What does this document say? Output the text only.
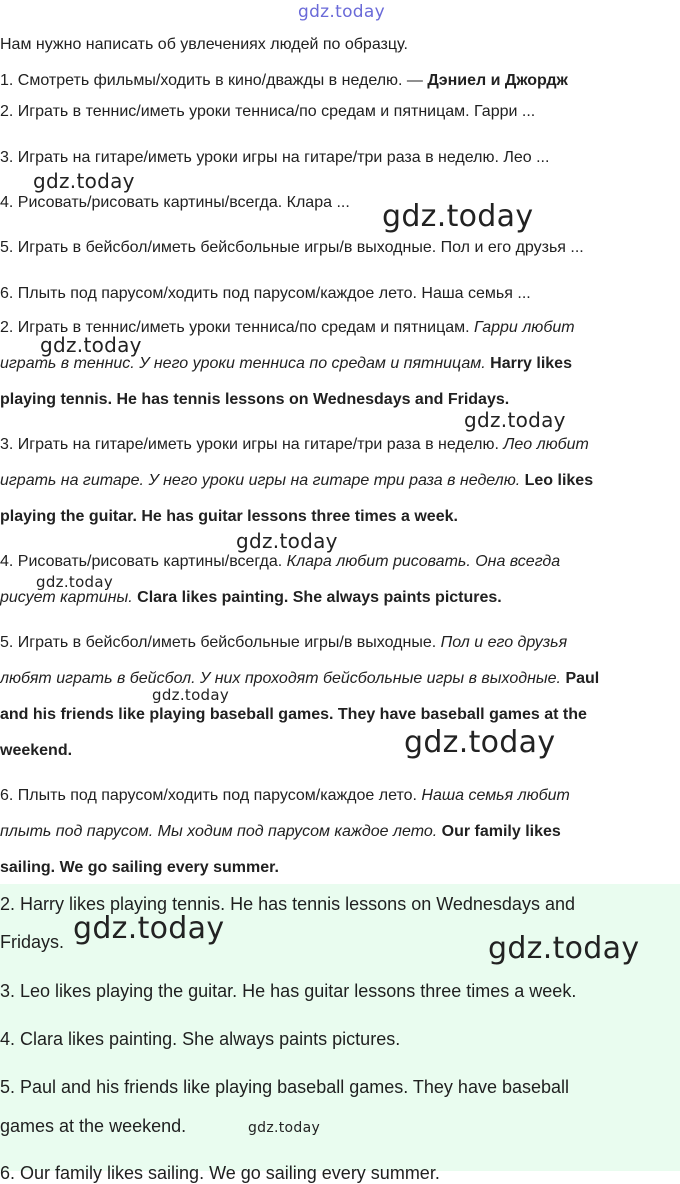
gdz.today
Нам нужно написать об увлечениях людей по образцу.
1. Смотреть фильмы/ходить в кино/дважды в неделю. — Дэниел и Джордж
2. Играть в теннис/иметь уроки тенниса/по средам и пятницам. Гарри ...
3. Играть на гитаре/иметь уроки игры на гитаре/три раза в неделю. Лео ...
4. Рисовать/рисовать картины/всегда. Клара ...
5. Играть в бейсбол/иметь бейсбольные игры/в выходные. Пол и его друзья ...
6. Плыть под парусом/ходить под парусом/каждое лето. Наша семья ...
2. Играть в теннис/иметь уроки тенниса/по средам и пятницам. Гарри любит
играть в теннис. У него уроки тенниса по средам и пятницам. Harry likes
playing tennis. He has tennis lessons on Wednesdays and Fridays.
3. Играть на гитаре/иметь уроки игры на гитаре/три раза в неделю. Лео любит
играть на гитаре. У него уроки игры на гитаре три раза в неделю. Leo likes
playing the guitar. He has guitar lessons three times a week.
4. Рисовать/рисовать картины/всегда. Клара любит рисовать. Она всегда
рисует картины. Clara likes painting. She always paints pictures.
5. Играть в бейсбол/иметь бейсбольные игры/в выходные. Пол и его друзья
любят играть в бейсбол. У них проходят бейсбольные игры в выходные. Paul
and his friends like playing baseball games. They have baseball games at the
weekend.
6. Плыть под парусом/ходить под парусом/каждое лето. Наша семья любит
плыть под парусом. Мы ходим под парусом каждое лето. Our family likes
sailing. We go sailing every summer.
2. Harry likes playing tennis. He has tennis lessons on Wednesdays and
Fridays.
3. Leo likes playing the guitar. He has guitar lessons three times a week.
4. Clara likes painting. She always paints pictures.
5. Paul and his friends like playing baseball games. They have baseball
games at the weekend.
6. Our family likes sailing. We go sailing every summer.
gdz.today
gdz.today
gdz.today
gdz.today
gdz.today
gdz.today
gdz.today
gdz.today
gdz.today
gdz.today
gdz.today
